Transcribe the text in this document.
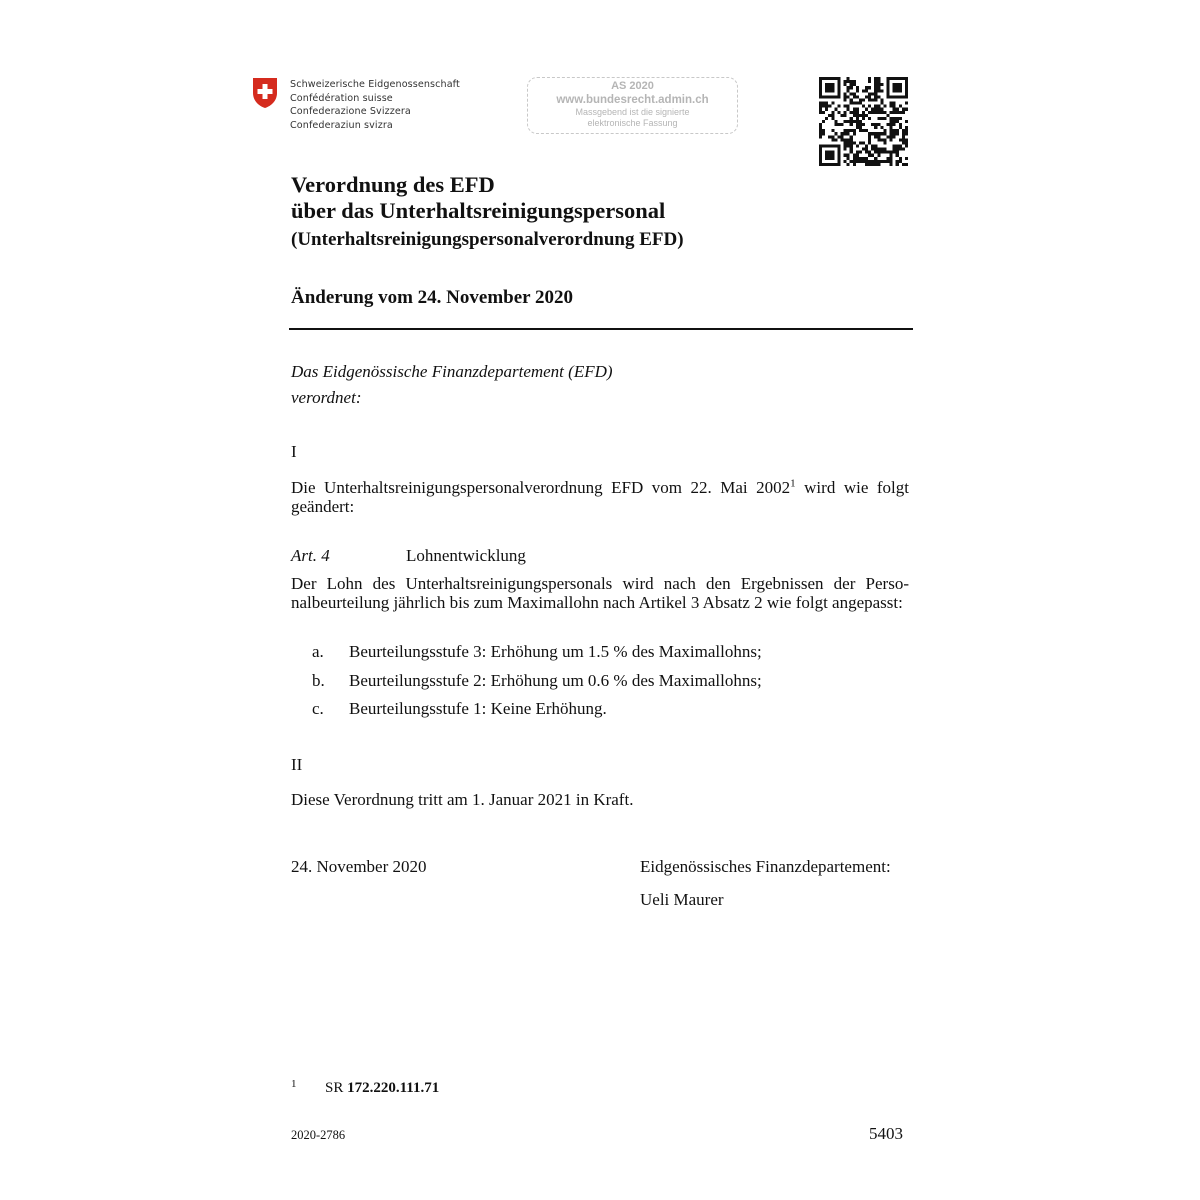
Schweizerische Eidgenossenschaft
Confédération suisse
Confederazione Svizzera
Confederaziun svizra
AS 2020
www.bundesrecht.admin.ch
Massgebend ist die signierte
elektronische Fassung
Verordnung des EFD
über das Unterhaltsreinigungspersonal
(Unterhaltsreinigungspersonalverordnung EFD)
Änderung vom 24. November 2020
Das Eidgenössische Finanzdepartement (EFD)
verordnet:
I
Die Unterhaltsreinigungspersonalverordnung EFD vom 22. Mai 2002$^1$ wird wie folgt geändert:
Art. 4	Lohnentwicklung
Der Lohn des Unterhaltsreinigungspersonals wird nach den Ergebnissen der Personalbeurteilung jährlich bis zum Maximallohn nach Artikel 3 Absatz 2 wie folgt angepasst:
a. Beurteilungsstufe 3: Erhöhung um 1.5 % des Maximallohns;
b. Beurteilungsstufe 2: Erhöhung um 0.6 % des Maximallohns;
c. Beurteilungsstufe 1: Keine Erhöhung.
II
Diese Verordnung tritt am 1. Januar 2021 in Kraft.
24. November 2020	Eidgenössisches Finanzdepartement:
Ueli Maurer
1 SR 172.220.111.71
2020-2786	5403
